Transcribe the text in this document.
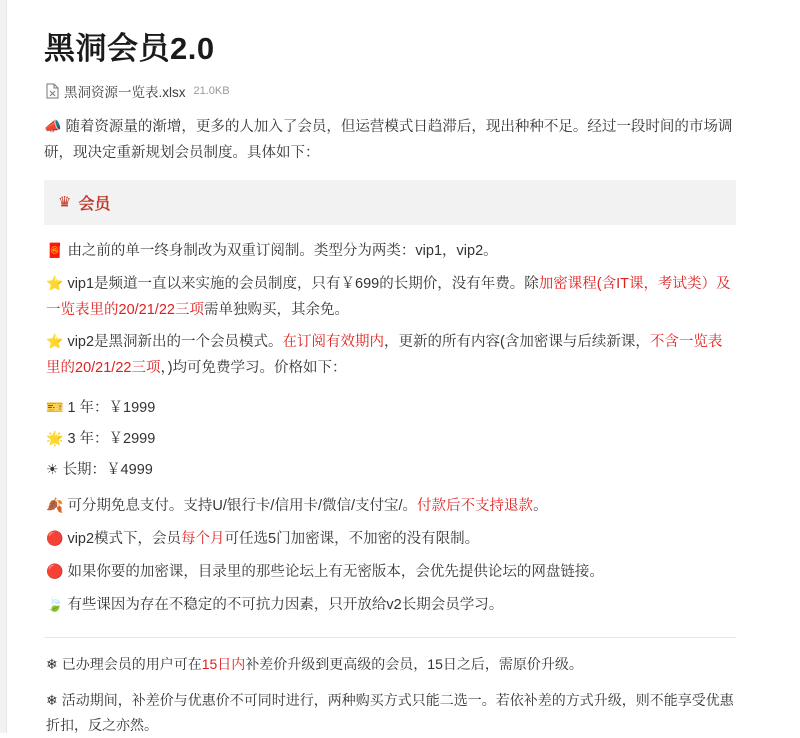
黑洞会员2.0
黑洞资源一览表.xlsx 21.0KB

📣 随着资源量的渐增，更多的人加入了会员，但运营模式日趋滞后，现出种种不足。经过一段时间的市场调研，现决定重新规划会员制度。具体如下：

♛ 会员

🧧 由之前的单一终身制改为双重订阅制。类型分为两类：vip1，vip2。

⭐ vip1是频道一直以来实施的会员制度，只有￥699的长期价，没有年费。除加密课程(含IT课，考试类）及一览表里的20/21/22三项需单独购买，其余免。

⭐ vip2是黑洞新出的一个会员模式。在订阅有效期内，更新的所有内容(含加密课与后续新课，不含一览表里的20/21/22三项，)均可免费学习。价格如下：

🎫 1 年：￥1999

🌟 3 年：￥2999

☀ 长期：￥4999

🍂 可分期免息支付。支持U/银行卡/信用卡/微信/支付宝/。付款后不支持退款。

🔴 vip2模式下，会员每个月可任选5门加密课，不加密的没有限制。

🔴 如果你要的加密课，目录里的那些论坛上有无密版本，会优先提供论坛的网盘链接。

🍃 有些课因为存在不稳定的不可抗力因素，只开放给v2长期会员学习。

❄ 已办理会员的用户可在15日内补差价升级到更高级的会员，15日之后，需原价升级。

❄ 活动期间，补差价与优惠价不可同时进行，两种购买方式只能二选一。若依补差的方式升级，则不能享受优惠折扣，反之亦然。
